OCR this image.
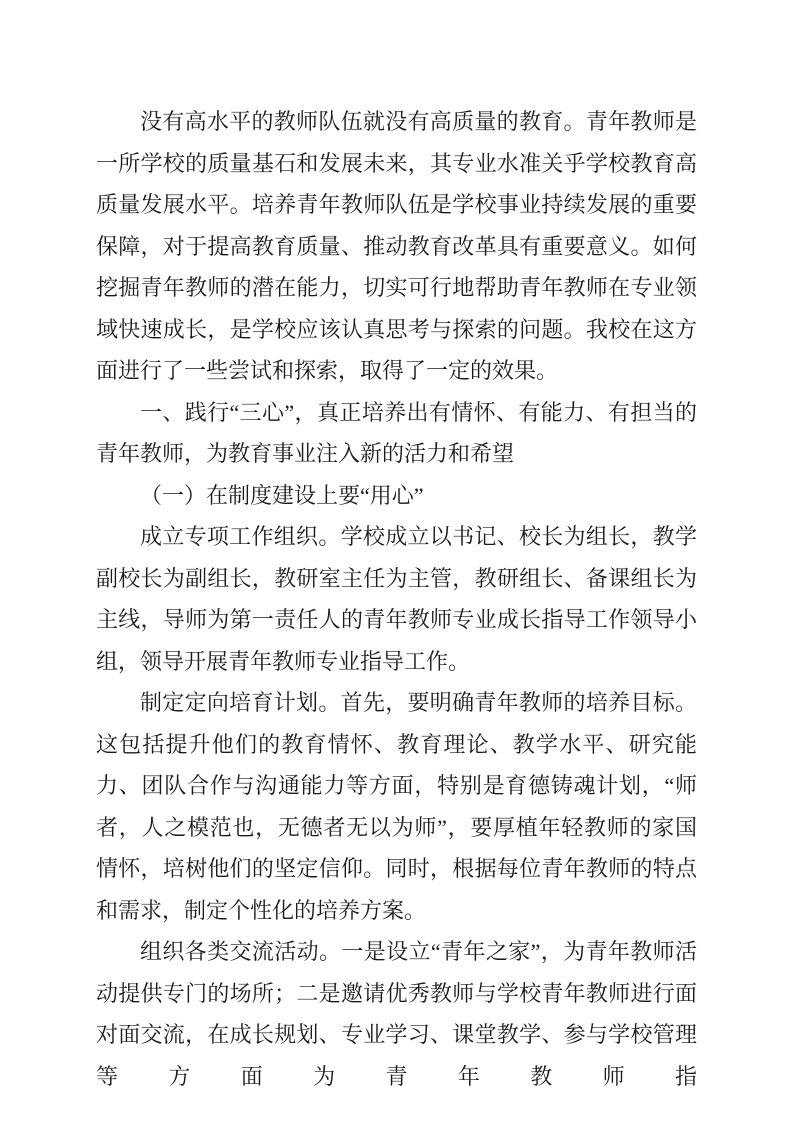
没有高水平的教师队伍就没有高质量的教育。青年教师是一所学校的质量基石和发展未来，其专业水准关乎学校教育高质量发展水平。培养青年教师队伍是学校事业持续发展的重要保障，对于提高教育质量、推动教育改革具有重要意义。如何挖掘青年教师的潜在能力，切实可行地帮助青年教师在专业领域快速成长，是学校应该认真思考与探索的问题。我校在这方面进行了一些尝试和探索，取得了一定的效果。

一、践行“三心”，真正培养出有情怀、有能力、有担当的青年教师，为教育事业注入新的活力和希望

（一）在制度建设上要“用心”

成立专项工作组织。学校成立以书记、校长为组长，教学副校长为副组长，教研室主任为主管，教研组长、备课组长为主线，导师为第一责任人的青年教师专业成长指导工作领导小组，领导开展青年教师专业指导工作。

制定定向培育计划。首先，要明确青年教师的培养目标。这包括提升他们的教育情怀、教育理论、教学水平、研究能力、团队合作与沟通能力等方面，特别是育德铸魂计划，“师者，人之模范也，无德者无以为师”，要厚植年轻教师的家国情怀，培树他们的坚定信仰。同时，根据每位青年教师的特点和需求，制定个性化的培养方案。

组织各类交流活动。一是设立“青年之家”，为青年教师活动提供专门的场所；二是邀请优秀教师与学校青年教师进行面对面交流，在成长规划、专业学习、课堂教学、参与学校管理等方面为青年教师指
